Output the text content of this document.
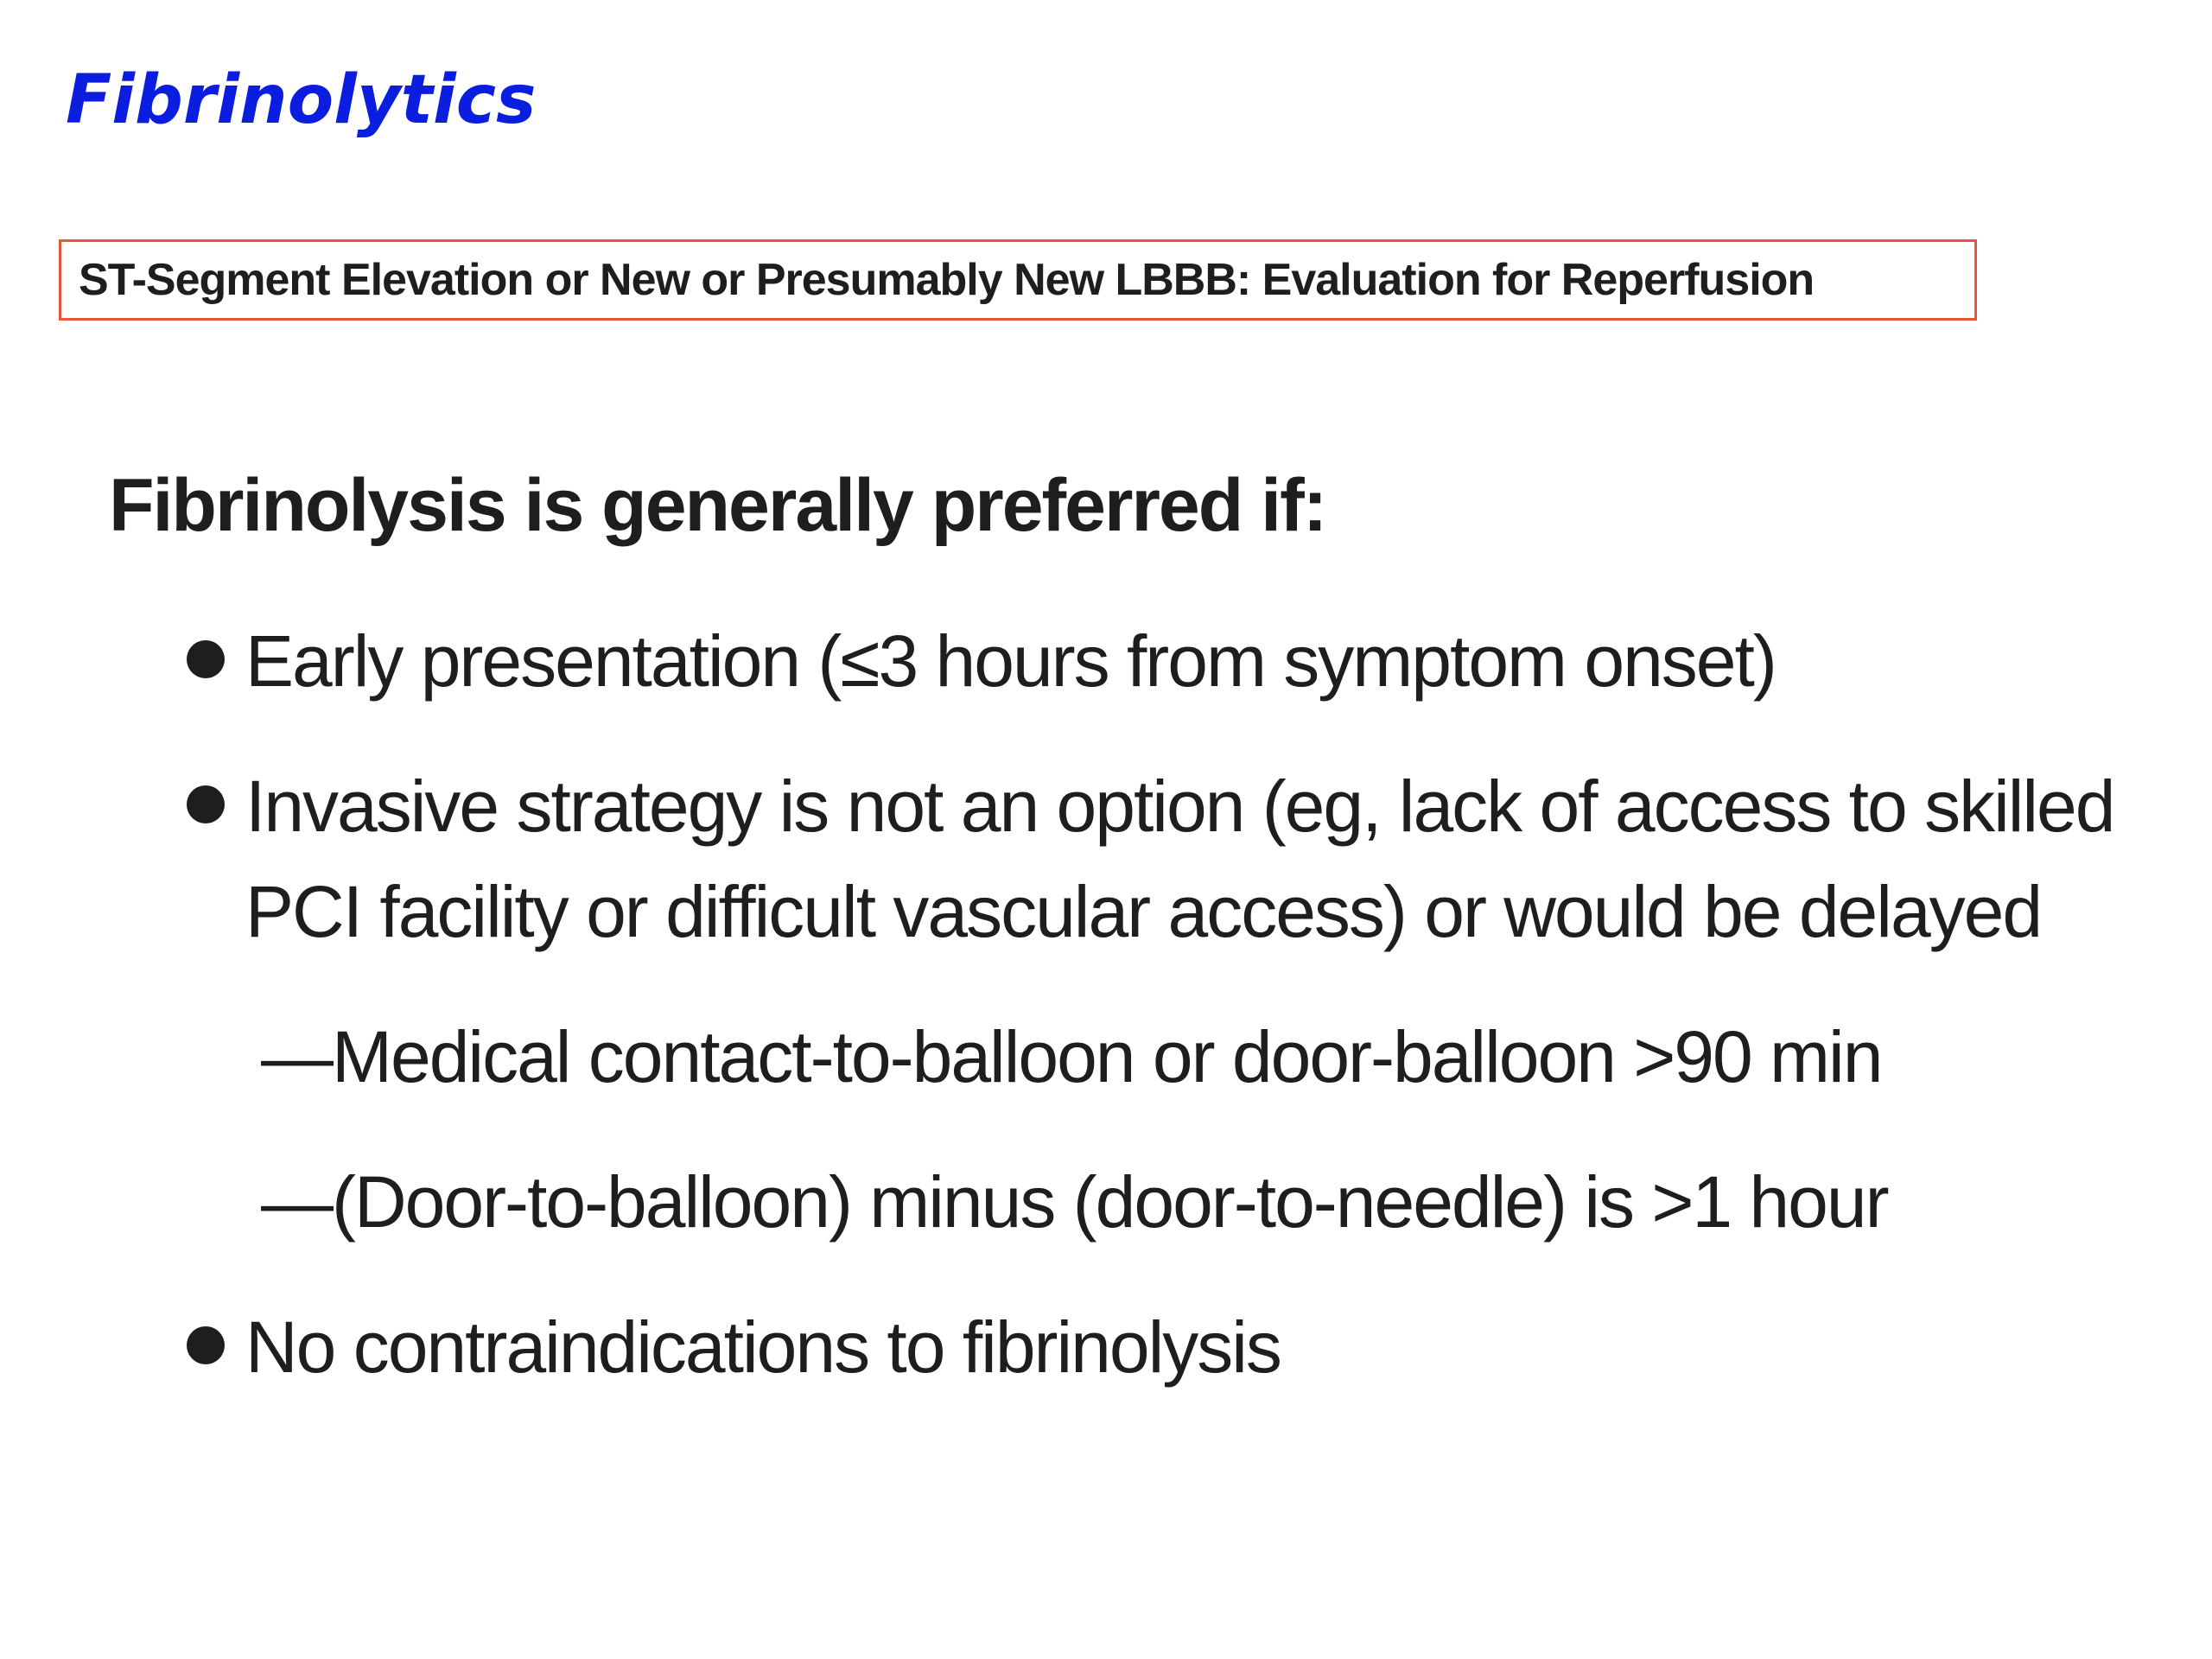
Fibrinolytics
ST-Segment Elevation or New or Presumably New LBBB: Evaluation for Reperfusion
Fibrinolysis is generally preferred if:
Early presentation (≤3 hours from symptom onset)
Invasive strategy is not an option (eg, lack of access to skilled
PCI facility or difficult vascular access) or would be delayed
—Medical contact-to-balloon or door-balloon >90 min
—(Door-to-balloon) minus (door-to-needle) is >1 hour
No contraindications to fibrinolysis
